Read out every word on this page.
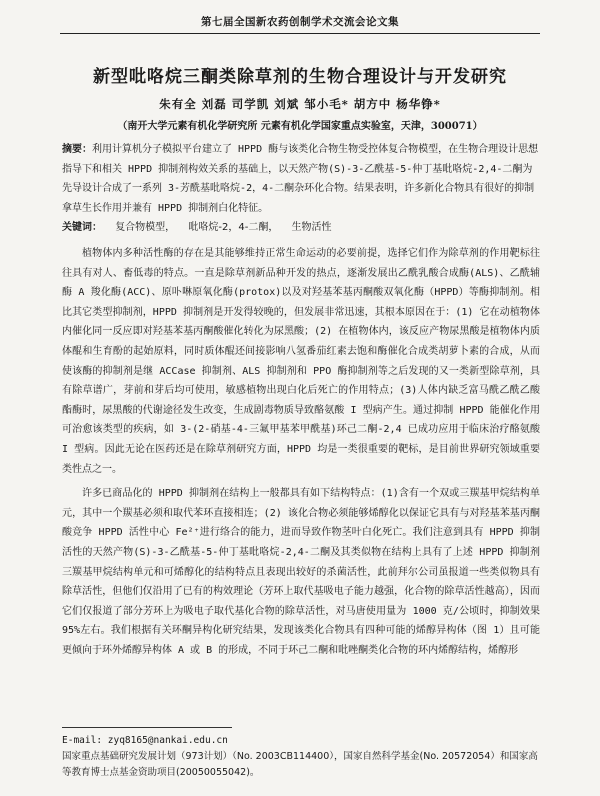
第七届全国新农药创制学术交流会论文集
新型吡咯烷三酮类除草剂的生物合理设计与开发研究
朱有全 刘磊 司学凯 刘斌 邹小毛* 胡方中 杨华铮*
（南开大学元素有机化学研究所 元素有机化学国家重点实验室，天津，300071）
摘要：利用计算机分子模拟平台建立了 HPPD 酶与该类化合物生物受控体复合物模型，在生物合理设计思想指导下和相关 HPPD 抑制剂构效关系的基础上，以天然产物(S)-3-乙酰基-5-仲丁基吡咯烷-2,4-二酮为先导设计合成了一系列 3-芳酰基吡咯烷-2，4-二酮杂环化合物。结果表明，许多新化合物具有很好的抑制拿草生长作用并兼有 HPPD 抑制剂白化特征。
关键词： 复合物模型， 吡咯烷-2，4-二酮， 生物活性

植物体内多种活性酶的存在是其能够维持正常生命运动的必要前提，选择它们作为除草剂的作用靶标往往具有对人、畜低毒的特点。一直是除草剂新品种开发的热点，逐渐发展出乙酰乳酸合成酶(ALS)、乙酰辅酶 A 羧化酶(ACC)、原卟啉原氧化酶(protox)以及对羟基苯基丙酮酸双氧化酶（HPPD）等酶抑制剂。相比其它类型抑制剂，HPPD 抑制剂是开发得较晚的，但发展非常迅速，其根本原因在于：(1) 它在动植物体内催化同一反应即对羟基苯基丙酮酸催化转化为尿黑酸；(2) 在植物体内，该反应产物尿黑酸是植物体内质体醌和生育酚的起始原料，同时质体醌还间接影响八氢番茄红素去饱和酶催化合成类胡萝卜素的合成，从而使该酶的抑制剂是继 ACCase 抑制剂、ALS 抑制剂和 PPO 酶抑制剂等之后发现的又一类新型除草剂，具有除草谱广，芽前和芽后均可使用，敏感植物出现白化后死亡的作用特点；(3)人体内缺乏富马酰乙酰乙酸酯酶时，尿黑酸的代谢途径发生改变，生成剧毒物质导致酪氨酸 I 型病产生。通过抑制 HPPD 能催化作用可治愈该类型的疾病，如 3-(2-硝基-4-三氟甲基苯甲酰基)环己二酮-2,4 已成功应用于临床治疗酪氨酸 I 型病。因此无论在医药还是在除草剂研究方面，HPPD 均是一类很重要的靶标，是目前世界研究领域重要类性点之一。

许多已商品化的 HPPD 抑制剂在结构上一般都具有如下结构特点：(1)含有一个双或三羰基甲烷结构单元，其中一个羰基必须和取代苯环直接相连；(2) 该化合物必须能够烯醇化以保证它具有与对羟基苯基丙酮酸竞争 HPPD 活性中心 Fe²⁺进行络合的能力，进而导致作物茎叶白化死亡。我们注意到具有 HPPD 抑制活性的天然产物(S)-3-乙酰基-5-仲丁基吡咯烷-2,4-二酮及其类似物在结构上具有了上述 HPPD 抑制剂三羰基甲烷结构单元和可烯醇化的结构特点且表现出较好的杀菌活性，此前拜尔公司虽报道一些类似物具有除草活性，但他们仅沿用了已有的构效理论（芳环上取代基吸电子能力越强，化合物的除草活性越高），因而它们仅报道了部分芳环上为吸电子取代基化合物的除草活性，对马唐使用量为 1000 克/公顷时，抑制效果 95%左右。我们根据有关环酮异构化研究结果，发现该类化合物具有四种可能的烯醇异构体（图 1）且可能更倾向于环外烯醇异构体 A 或 B 的形成，不同于环己二酮和吡唑酮类化合物的环内烯醇结构，烯醇形

E-mail: zyq8165@nankai.edu.cn
国家重点基础研究发展计划（973计划）（No. 2003CB114400），国家自然科学基金(No. 20572054）和国家高等教育博士点基金资助项目(20050055042)。
